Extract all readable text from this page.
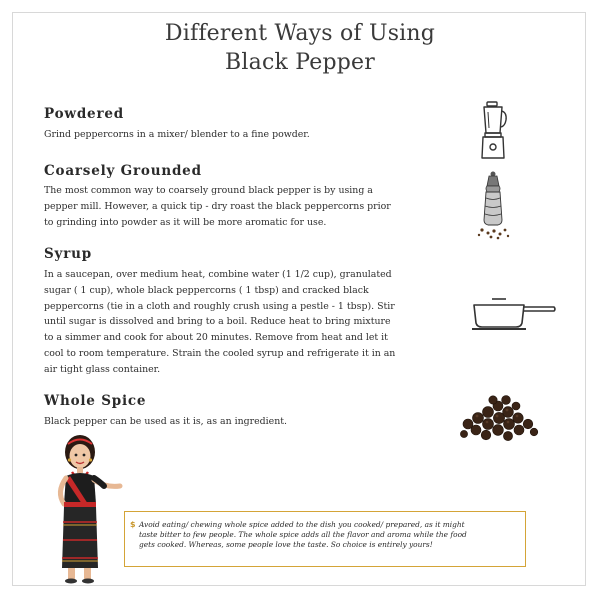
Different Ways of Using
Black Pepper
Powdered
Grind peppercorns in a mixer/ blender to a fine powder.
Coarsely Grounded
The most common way to coarsely ground black pepper is by using a
pepper mill. However, a quick tip - dry roast the black peppercorns prior
to grinding into powder as it will be more aromatic for use.
Syrup
In a saucepan, over medium heat, combine water (1 1/2 cup), granulated
sugar ( 1 cup), whole black peppercorns ( 1 tbsp) and cracked black
peppercorns (tie in a cloth and roughly crush using a pestle - 1 tbsp). Stir
until sugar is dissolved and bring to a boil. Reduce heat to bring mixture
to a simmer and cook for about 20 minutes. Remove from heat and let it
cool to room temperature. Strain the cooled syrup and refrigerate it in an
air tight glass container.
Whole Spice
Black pepper can be used as it is, as an ingredient.
$ Avoid eating/ chewing whole spice added to the dish you cooked/ prepared, as it might
taste bitter to few people. The whole spice adds all the flavor and aroma while the food
gets cooked. Whereas, some people love the taste. So choice is entirely yours!
